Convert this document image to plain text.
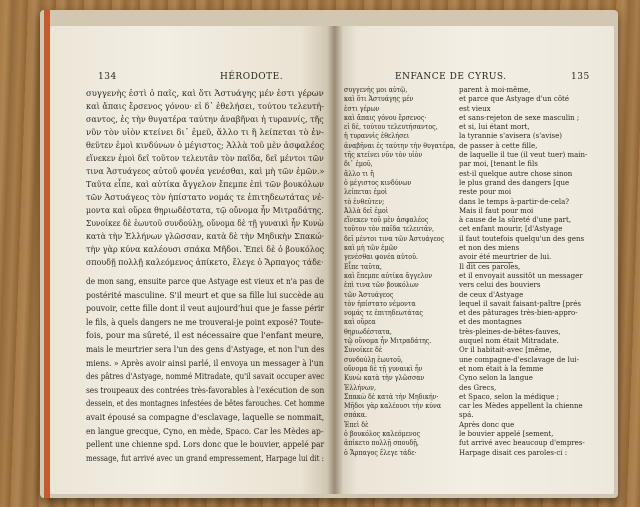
134	HÉRODOTE.
συγγενὴς ἐστὶ ὁ παῖς, καὶ ὅτι Ἀστυάγης μέν ἐστι γέρων
καὶ ἄπαις ἔρσενος γόνου· εἰ δ᾿ ἐθελήσει, τούτου τελευτή-
σαντος, ἐς τὴν θυγατέρα ταύτην ἀναβῆναι ἡ τυραννίς, τῆς
νῦν τὸν υἱὸν κτείνει δι᾿ ἐμεῦ, ἄλλο τι ἢ λείπεται τὸ ἐν-
θεῦτεν ἐμοὶ κινδύνων ὁ μέγιστος; Ἀλλὰ τοῦ μὲν ἀσφαλέος
εἵνεκεν ἐμοὶ δεῖ τοῦτον τελευτᾶν τὸν παῖδα, δεῖ μέντοι τῶν
τινα Ἀστυάγεος αὐτοῦ φονέα γενέσθαι, καὶ μὴ τῶν ἐμῶν.»
Ταῦτα εἶπε, καὶ αὐτίκα ἄγγελον ἔπεμπε ἐπὶ τῶν βουκόλων
τῶν Ἀστυάγεος τὸν ἠπίστατο νομάς τε ἐπιτηδεωτάτας νέ-
μοντα καὶ οὔρεα θηριωδέστατα, τῷ οὔνομα ἦν Μιτραδάτης.
Συνοίκεε δὲ ἑωυτοῦ συνδούλῃ, οὔνομα δὲ τῇ γυναικὶ ἦν Κυνὼ
κατὰ τὴν Ἑλλήνων γλῶσσαν, κατὰ δὲ τὴν Μηδικὴν Σπακώ·
τὴν γὰρ κύνα καλέουσι σπάκα Μῆδοι. Ἐπεὶ δὲ ὁ βουκόλος
σπουδῇ πολλῇ καλεόμενος ἀπίκετο, ἔλεγε ὁ Ἅρπαγος τάδε·
de mon sang, ensuite parce que Astyage est vieux et n'a pas de
postérité masculine. S'il meurt et que sa fille lui succède au
pouvoir, cette fille dont il veut aujourd'hui que je fasse périr
le fils, à quels dangers ne me trouverai-je point exposé? Toute-
fois, pour ma sûreté, il est nécessaire que l'enfant meure,
mais le meurtrier sera l'un des gens d'Astyage, et non l'un des
miens. » Après avoir ainsi parlé, il envoya un messager à l'un
des pâtres d'Astyage, nommé Mitradate, qu'il savait occuper avec
ses troupeaux des contrées très-favorables à l'exécution de son
dessein, et des montagnes infestées de bêtes farouches. Cet homme
avait épousé sa compagne d'esclavage, laquelle se nommait,
en langue grecque, Cyno, en mède, Spaco. Car les Mèdes ap-
pellent une chienne spd. Lors donc que le bouvier, appelé par
message, fut arrivé avec un grand empressement, Harpage lui dit :
ENFANCE DE CYRUS.	135
συγγενὴς μοι αὐτῷ,
καὶ ὅτι Ἀστυάγης μέν
ἐστι γέρων
καὶ ἄπαις γόνου ἔρσενος·
εἰ δὲ, τούτου τελευτήσαντος,
ἡ τυραννὶς ἐθελήσει
ἀναβῆναι ἐς ταύτην τὴν θυγατέρα,
τῆς κτείνει νῦν τὸν υἱὸν
δι᾿ ἐμοῦ,
ἄλλο τι ἢ
ὁ μέγιστος κινδύνων
λείπεται ἐμοὶ
τὸ ἐνθεῦτεν;
Ἀλλὰ δεῖ ἐμοὶ
εἵνεκεν τοῦ μὲν ἀσφαλέος
τοῦτον τὸν παῖδα τελευτᾶν,
δεῖ μέντοι τινα τῶν Ἀστυάγεος
καὶ μὴ τῶν ἐμῶν
γενέσθαι φονέα αὐτοῦ.
Εἶπε ταῦτα,
καὶ ἔπεμπε αὐτίκα ἄγγελον
ἐπὶ τινα τῶν βουκόλων
τῶν Ἀστυάγεος
τὸν ἠπίστατο νέμοντα
νομάς τε ἐπιτηδεωτάτας
καὶ οὔρεα
θηριωδέστατα,
τῷ οὔνομα ἦν Μιτραδάτης.
Συνοίκεε δὲ
συνδούλῃ ἑωυτοῦ,
οὔνομα δὲ τῇ γυναικὶ ἦν
Κυνὼ κατὰ τὴν γλῶσσαν
Ἑλλήνων,
Σπακὼ δὲ κατὰ τὴν Μηδικήν·
Μῆδοι γὰρ καλέουσι τὴν κύνα
σπάκα.
Ἐπεὶ δὲ
ὁ βουκόλος καλεόμενος
ἀπίκετο πολλῇ σπουδῇ,
ὁ Ἅρπαγος ἔλεγε τάδε·
parent à moi-même,
et parce que Astyage d'un côté
est vieux
et sans-rejeton de sexe masculin ;
et si, lui étant mort,
la tyrannie s'avisera (s'avise)
de passer à cette fille,
de laquelle il tue (il veut tuer) main-
par moi, [tenant le fils
est-il quelque autre chose sinon
le plus grand des dangers [que
reste pour moi
dans le temps à-partir-de-cela?
Mais il faut pour moi
à cause de la sûreté d'une part,
cet enfant mourir, [d'Astyage
il faut toutefois quelqu'un des gens
et non des miens
avoir été meurtrier de lui.
Il dit ces paroles,
et il envoyait aussitôt un messager
vers celui des bouviers
de ceux d'Astyage
lequel il savait faisant-paître [prés
et des pâturages très-bien-appro-
et des montagnes
très-pleines-de-bêtes-fauves,
auquel nom était Mitradate.
Or il habitait-avec [même,
une compagne-d'esclavage de lui-
et nom était à la femme
Cyno selon la langue
des Grecs,
et Spaco, selon la médique ;
car les Mèdes appellent la chienne
spá.
Après donc que
le bouvier appelé [sement,
fut arrivé avec beaucoup d'empres-
Harpage disait ces paroles-ci :
